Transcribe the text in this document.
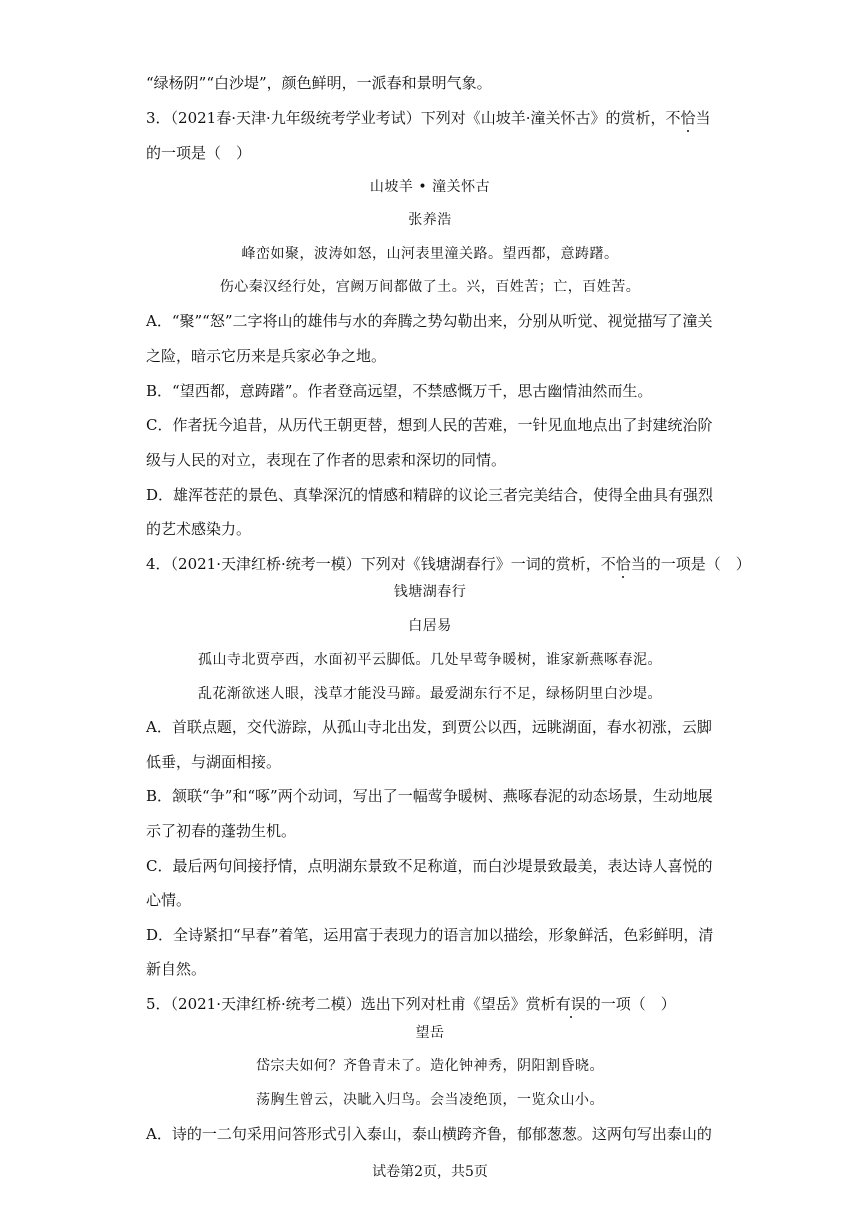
“绿杨阴”“白沙堤”，颜色鲜明，一派春和景明气象。
3．（2021春·天津·九年级统考学业考试）下列对《山坡羊·潼关怀古》的赏析，不恰当
的一项是（　）
山坡羊 • 潼关怀古
张养浩
峰峦如聚，波涛如怒，山河表里潼关路。望西都，意踌躇。
伤心秦汉经行处，宫阙万间都做了土。兴，百姓苦；亡，百姓苦。
A．“聚”“怒”二字将山的雄伟与水的奔腾之势勾勒出来，分别从听觉、视觉描写了潼关
之险，暗示它历来是兵家必争之地。
B．“望西都，意踌躇”。作者登高远望，不禁感慨万千，思古幽情油然而生。
C．作者抚今追昔，从历代王朝更替，想到人民的苦难，一针见血地点出了封建统治阶
级与人民的对立，表现在了作者的思索和深切的同情。
D．雄浑苍茫的景色、真挚深沉的情感和精辟的议论三者完美结合，使得全曲具有强烈
的艺术感染力。
4．（2021·天津红桥·统考一模）下列对《钱塘湖春行》一词的赏析，不恰当的一项是（　）
钱塘湖春行
白居易
孤山寺北贾亭西，水面初平云脚低。几处早莺争暖树，谁家新燕啄春泥。
乱花渐欲迷人眼，浅草才能没马蹄。最爱湖东行不足，绿杨阴里白沙堤。
A．首联点题，交代游踪，从孤山寺北出发，到贾公以西，远眺湖面，春水初涨，云脚
低垂，与湖面相接。
B．颔联“争”和“啄”两个动词，写出了一幅莺争暖树、燕啄春泥的动态场景，生动地展
示了初春的蓬勃生机。
C．最后两句间接抒情，点明湖东景致不足称道，而白沙堤景致最美，表达诗人喜悦的
心情。
D．全诗紧扣“早春”着笔，运用富于表现力的语言加以描绘，形象鲜活，色彩鲜明，清
新自然。
5．（2021·天津红桥·统考二模）选出下列对杜甫《望岳》赏析有误的一项（　）
望岳
岱宗夫如何？齐鲁青未了。造化钟神秀，阴阳割昏晓。
荡胸生曾云，决眦入归鸟。会当凌绝顶，一览众山小。
A．诗的一二句采用问答形式引入泰山，泰山横跨齐鲁，郁郁葱葱。这两句写出泰山的
试卷第2页，共5页
